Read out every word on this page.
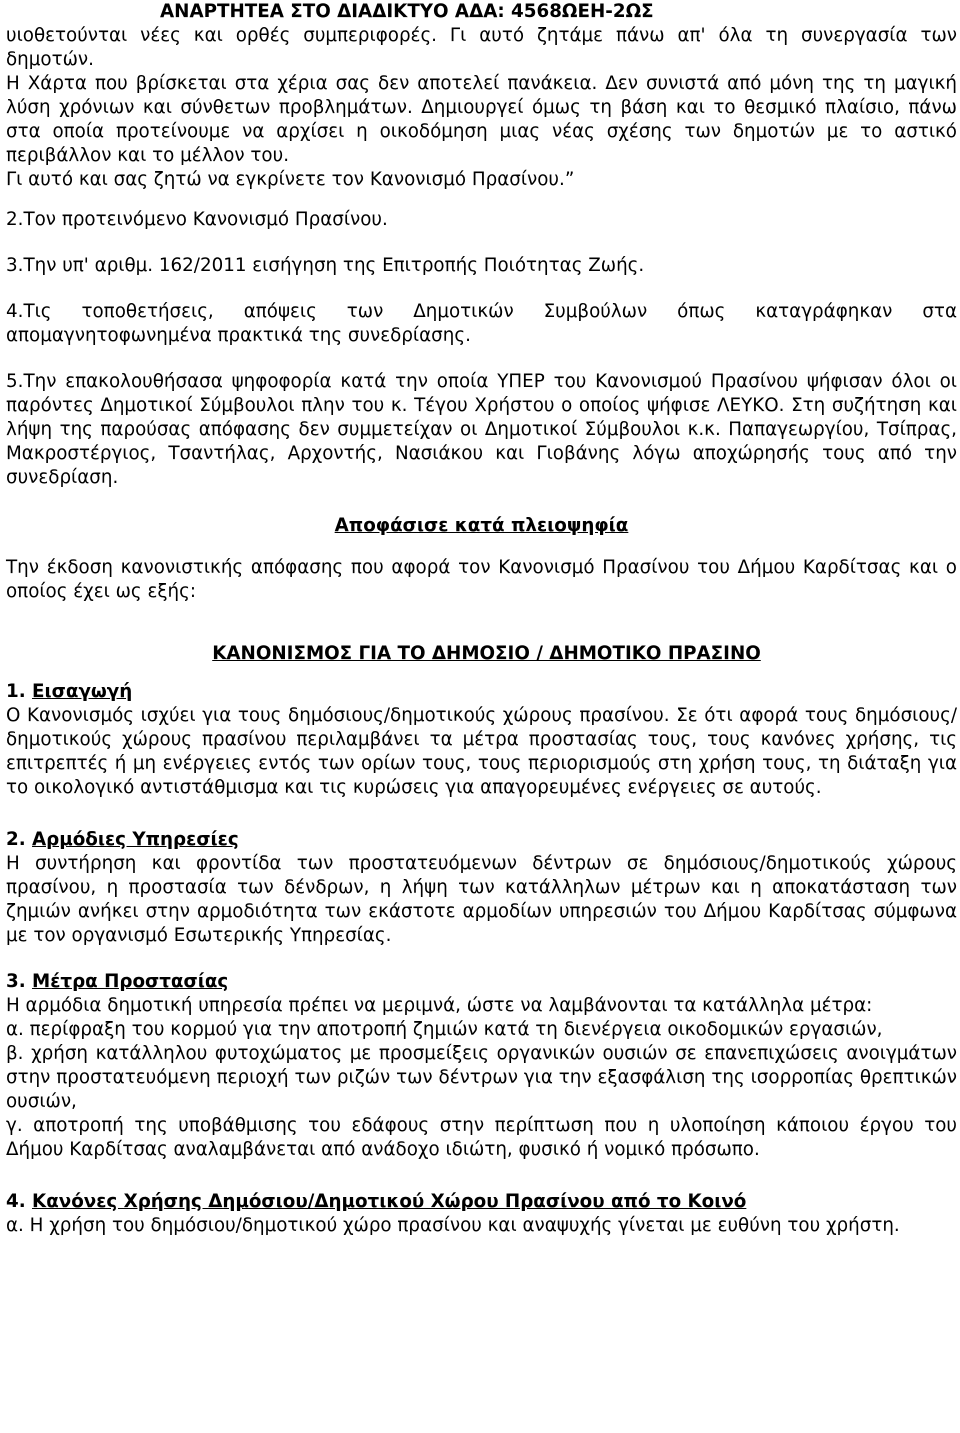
ΑΝΑΡΤΗΤΕΑ ΣΤΟ ΔΙΑΔΙΚΤΥΟ ΑΔΑ: 4568ΩΕΗ-2ΩΣ

υιοθετούνται νέες και ορθές συμπεριφορές. Γι αυτό ζητάμε πάνω απ' όλα τη συνεργασία των δημοτών.

Η Χάρτα που βρίσκεται στα χέρια σας δεν αποτελεί πανάκεια. Δεν συνιστά από μόνη της τη μαγική λύση χρόνιων και σύνθετων προβλημάτων. Δημιουργεί όμως τη βάση και το θεσμικό πλαίσιο, πάνω στα οποία προτείνουμε να αρχίσει η οικοδόμηση μιας νέας σχέσης των δημοτών με το αστικό περιβάλλον και το μέλλον του.

Γι αυτό και σας ζητώ να εγκρίνετε τον Κανονισμό Πρασίνου.”

2.Τον προτεινόμενο Κανονισμό Πρασίνου.

3.Την υπ' αριθμ. 162/2011 εισήγηση της Επιτροπής Ποιότητας Ζωής.

4.Τις τοποθετήσεις, απόψεις των Δημοτικών Συμβούλων όπως καταγράφηκαν στα απομαγνητοφωνημένα πρακτικά της συνεδρίασης.

5.Την επακολουθήσασα ψηφοφορία κατά την οποία ΥΠΕΡ του Κανονισμού Πρασίνου ψήφισαν όλοι οι παρόντες Δημοτικοί Σύμβουλοι πλην του κ. Τέγου Χρήστου ο οποίος ψήφισε ΛΕΥΚΟ. Στη συζήτηση και λήψη της παρούσας απόφασης δεν συμμετείχαν οι Δημοτικοί Σύμβουλοι κ.κ. Παπαγεωργίου, Τσίπρας, Μακροστέργιος, Τσαντήλας, Αρχοντής, Νασιάκου και Γιοβάνης λόγω αποχώρησής τους από την συνεδρίαση.

Αποφάσισε κατά πλειοψηφία

Την έκδοση κανονιστικής απόφασης που αφορά τον Κανονισμό Πρασίνου του Δήμου Καρδίτσας και ο οποίος έχει ως εξής:

ΚΑΝΟΝΙΣΜΟΣ ΓΙΑ ΤΟ ΔΗΜΟΣΙΟ / ΔΗΜΟΤΙΚΟ ΠΡΑΣΙΝΟ

1. Εισαγωγή

Ο Κανονισμός ισχύει για τους δημόσιους/δημοτικούς χώρους πρασίνου. Σε ότι αφορά τους δημόσιους/δημοτικούς χώρους πρασίνου περιλαμβάνει τα μέτρα προστασίας τους, τους κανόνες χρήσης, τις επιτρεπτές ή μη ενέργειες εντός των ορίων τους, τους περιορισμούς στη χρήση τους, τη διάταξη για το οικολογικό αντιστάθμισμα και τις κυρώσεις για απαγορευμένες ενέργειες σε αυτούς.

2. Αρμόδιες Υπηρεσίες

Η συντήρηση και φροντίδα των προστατευόμενων δέντρων σε δημόσιους/δημοτικούς χώρους πρασίνου, η προστασία των δένδρων, η λήψη των κατάλληλων μέτρων και η αποκατάσταση των ζημιών ανήκει στην αρμοδιότητα των εκάστοτε αρμοδίων υπηρεσιών του Δήμου Καρδίτσας σύμφωνα με τον οργανισμό Εσωτερικής Υπηρεσίας.

3. Μέτρα Προστασίας

Η αρμόδια δημοτική υπηρεσία πρέπει να μεριμνά, ώστε να λαμβάνονται τα κατάλληλα μέτρα:

α. περίφραξη του κορμού για την αποτροπή ζημιών κατά τη διενέργεια οικοδομικών εργασιών,

β. χρήση κατάλληλου φυτοχώματος με προσμείξεις οργανικών ουσιών σε επανεπιχώσεις ανοιγμάτων στην προστατευόμενη περιοχή των ριζών των δέντρων για την εξασφάλιση της ισορροπίας θρεπτικών ουσιών,

γ. αποτροπή της υποβάθμισης του εδάφους στην περίπτωση που η υλοποίηση κάποιου έργου του Δήμου Καρδίτσας αναλαμβάνεται από ανάδοχο ιδιώτη, φυσικό ή νομικό πρόσωπο.

4. Κανόνες Χρήσης Δημόσιου/Δημοτικού Χώρου Πρασίνου από το Κοινό

α. Η χρήση του δημόσιου/δημοτικού χώρο πρασίνου και αναψυχής γίνεται με ευθύνη του χρήστη.
